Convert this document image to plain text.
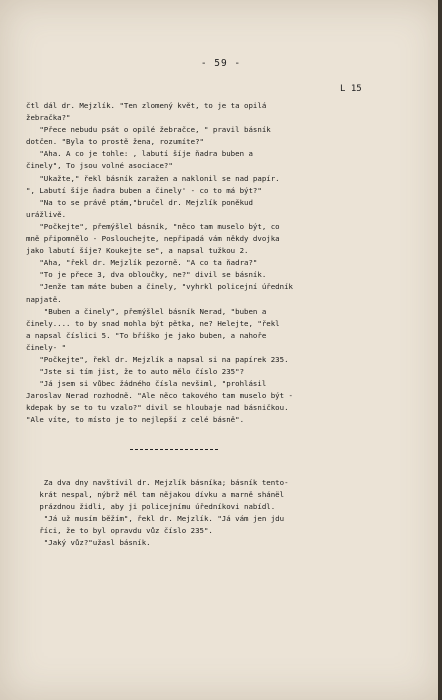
- 59 -
L 15
čtl dál dr. Mejzlík. "Ten zlomený květ, to je ta opilá
žebračka?"
"Přece nebudu psát o opilé žebračce, " pravil básník
dotčen. "Byla to prostě žena, rozumíte?"
"Aha. A co je tohle: , labutí šíje ňadra buben a
činely", To jsou volné asociace?"
"Ukažte," řekl básník zaražen a naklonil se nad papír.
", Labutí šíje ňadra buben a činely' - co to má být?"
"Na to se právě ptám,"bručel dr. Mejzlík poněkud
urážlivě.
"Počkejte", přemýšlel básník, "něco tam muselo být, co
mně připomnělo - Poslouchejte, nepřipadá vám někdy dvojka
jako labutí šíje? Koukejte se", a napsal tužkou 2.
"Aha, "řekl dr. Mejzlík pezorně. "A co ta ňadra?"
"To je přece 3, dva obloučky, ne?" divil se básník.
"Jenže tam máte buben a činely, "vyhrkl policejní úředník
napjatě.
"Buben a činely", přemýšlel básník Nerad, "buben a
činely.... to by snad mohla být pětka, ne? Helejte, "řekl
a napsal číslici 5. "To bříško je jako buben, a nahoře
činely- "
"Počkejte", řekl dr. Mejzlík a napsal si na papírek 235.
"Jste si tím jist, že to auto mělo číslo 235"?
"Já jsem si vůbec žádného čísla nevšiml, "prohlásil
Jaroslav Nerad rozhodně. "Ale něco takového tam muselo být -
kdepak by se to tu vzalo?" divil se hloubaje nad básničkou.
"Ale víte, to místo je to nejlepší z celé básně".
Za dva dny navštívil dr. Mejzlík básníka; básník tento-
krát nespal, nýbrž měl tam nějakou dívku a marně shánël
prázdnou židli, aby ji policejnímu úředníkovi nabídl.
"Já už musím běžím", řekl dr. Mejzlík. "Já vám jen jdu
říci, že to byl opravdu vůz číslo 235".
"Jaký vůz?"užasl básník.
